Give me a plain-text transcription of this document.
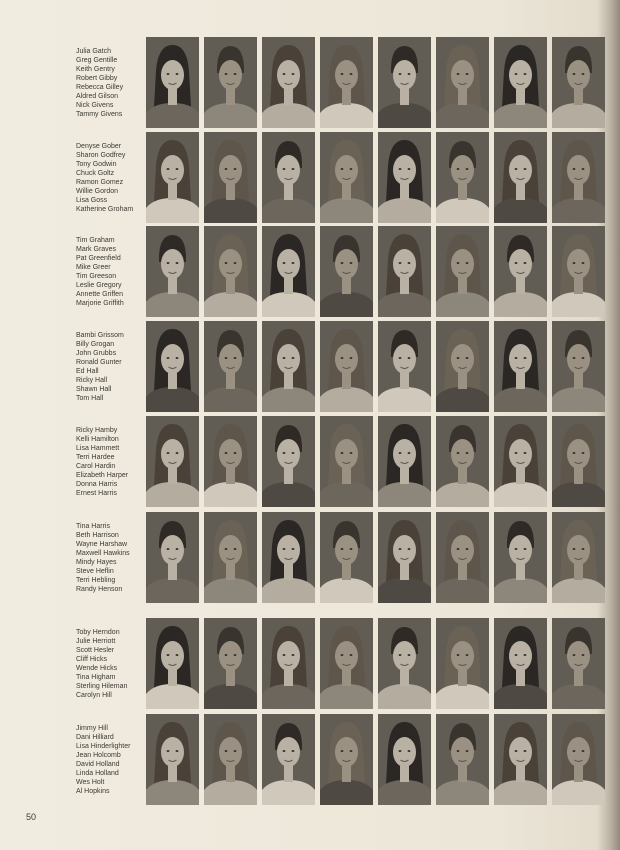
Julia Gatch
Greg Gentille
Keith Gentry
Robert Gibby
Rebecca Gilley
Aldred Gilson
Nick Givens
Tammy Givens
Denyse Gober
Sharon Godfrey
Tony Godwin
Chuck Goltz
Ramon Gomez
Willie Gordon
Lisa Goss
Katherine Groham
Tim Graham
Mark Graves
Pat Greenfield
Mike Greer
Tim Greeson
Leslie Gregory
Annette Griffen
Marjorie Griffith
Bambi Grissom
Billy Grogan
John Grubbs
Ronald Gunter
Ed Hall
Ricky Hall
Shawn Hall
Tom Hall
Ricky Hamby
Kelli Hamilton
Lisa Hammett
Terri Hardee
Carol Hardin
Elizabeth Harper
Donna Harris
Ernest Harris
Tina Harris
Beth Harrison
Wayne Harshaw
Maxwell Hawkins
Mindy Hayes
Steve Heflin
Terri Hebling
Randy Henson
Toby Herndon
Julie Herriott
Scott Hesler
Cliff Hicks
Wende Hicks
Tina Higham
Sterling Hileman
Carolyn Hill
Jimmy Hill
Dani Hilliard
Lisa Hinderlighter
Jean Holcomb
David Holland
Linda Holland
Wes Holt
Al Hopkins
50
